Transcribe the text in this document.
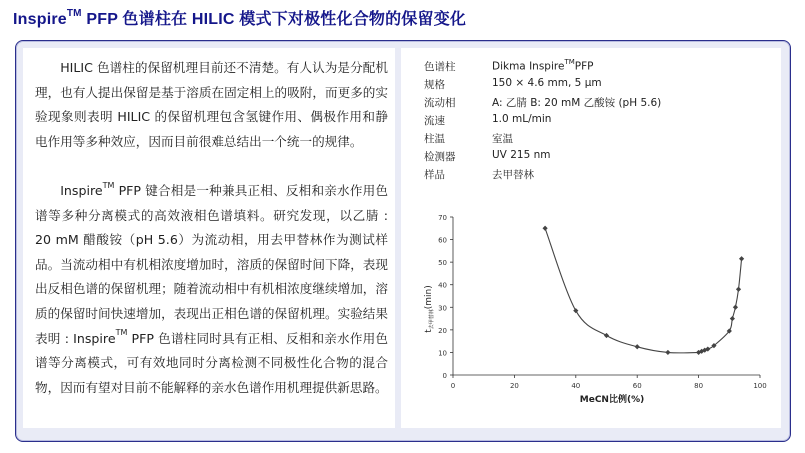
Inspire™ PFP 色谱柱在 HILIC 模式下对极性化合物的保留变化
HILIC 色谱柱的保留机理目前还不清楚。有人认为是分配机理，也有人提出保留是基于溶质在固定相上的吸附，而更多的实验现象则表明 HILIC 的保留机理包含氢键作用、偶极作用和静电作用等多种效应，因而目前很难总结出一个统一的规律。
Inspire™ PFP 键合相是一种兼具正相、反相和亲水作用色谱等多种分离模式的高效液相色谱填料。研究发现，以乙腈 : 20 mM 醋酸铵（pH 5.6）为流动相，用去甲替林作为测试样品。当流动相中有机相浓度增加时，溶质的保留时间下降，表现出反相色谱的保留机理；随着流动相中有机相浓度继续增加，溶质的保留时间快速增加，表现出正相色谱的保留机理。实验结果表明 : Inspire™ PFP 色谱柱同时具有正相、反相和亲水作用色谱等分离模式，可有效地同时分离检测不同极性化合物的混合物，因而有望对目前不能解释的亲水色谱作用机理提供新思路。
色谱柱	Dikma Inspire™PFP
规格	150 × 4.6 mm, 5 μm
流动相	A: 乙腈 B: 20 mM 乙酸铵 (pH 5.6)
流速	1.0 mL/min
柱温	室温
检测器	UV 215 nm
样品	去甲替林
0
10
20
30
40
50
60
70
0	20	40	60	80	100
MeCN比例(%)
$t_{去甲替林}(\min)$
